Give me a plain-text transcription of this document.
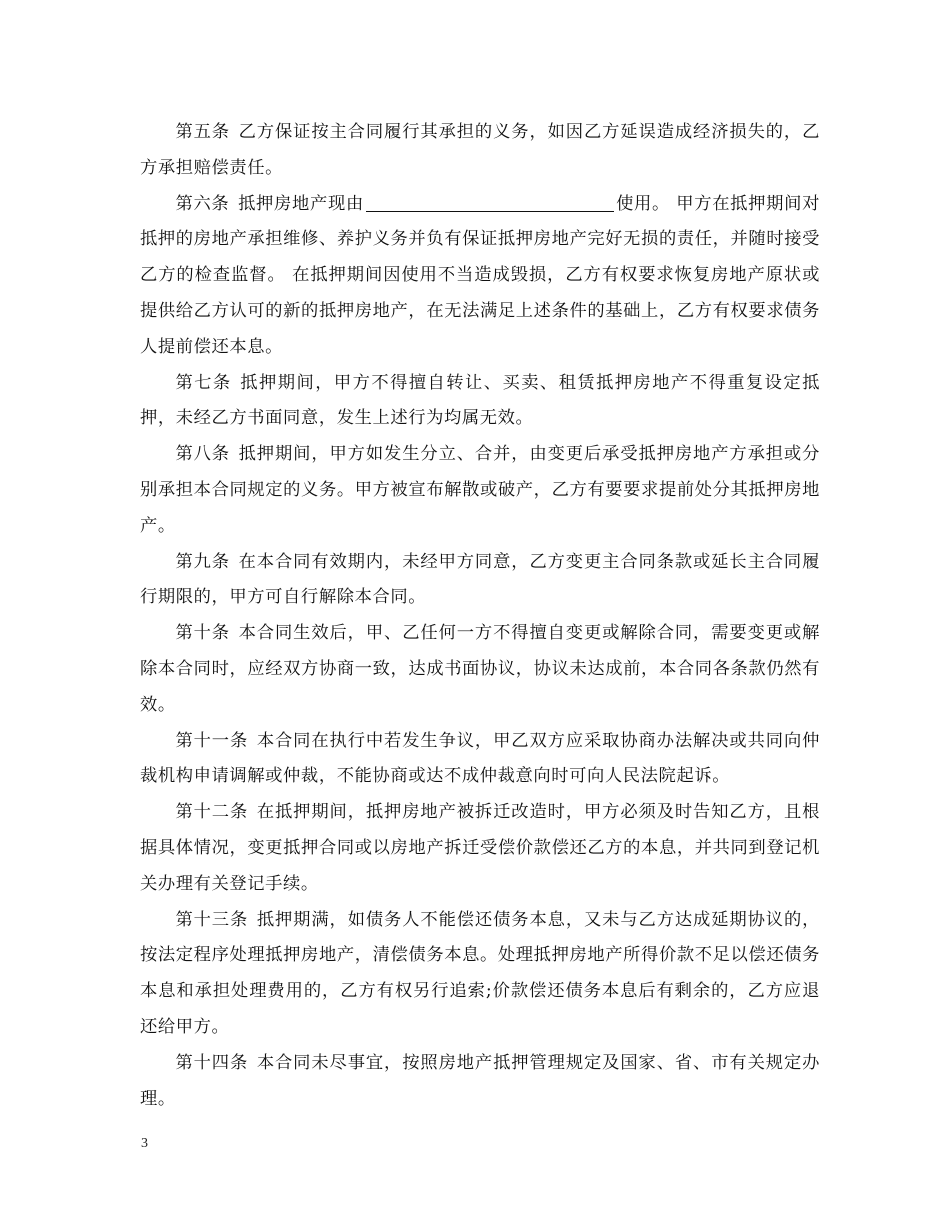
第五条 乙方保证按主合同履行其承担的义务，如因乙方延误造成经济损失的，乙方承担赔偿责任。

第六条 抵押房地产现由	使用。 甲方在抵押期间对抵押的房地产承担维修、养护义务并负有保证抵押房地产完好无损的责任，并随时接受乙方的检查监督。 在抵押期间因使用不当造成毁损，乙方有权要求恢复房地产原状或提供给乙方认可的新的抵押房地产，在无法满足上述条件的基础上，乙方有权要求债务人提前偿还本息。

第七条 抵押期间，甲方不得擅自转让、买卖、租赁抵押房地产不得重复设定抵押，未经乙方书面同意，发生上述行为均属无效。

第八条 抵押期间，甲方如发生分立、合并，由变更后承受抵押房地产方承担或分别承担本合同规定的义务。甲方被宣布解散或破产，乙方有要要求提前处分其抵押房地产。

第九条 在本合同有效期内，未经甲方同意，乙方变更主合同条款或延长主合同履行期限的，甲方可自行解除本合同。

第十条 本合同生效后，甲、乙任何一方不得擅自变更或解除合同，需要变更或解除本合同时，应经双方协商一致，达成书面协议，协议未达成前，本合同各条款仍然有效。

第十一条 本合同在执行中若发生争议，甲乙双方应采取协商办法解决或共同向仲裁机构申请调解或仲裁，不能协商或达不成仲裁意向时可向人民法院起诉。

第十二条 在抵押期间，抵押房地产被拆迁改造时，甲方必须及时告知乙方，且根据具体情况，变更抵押合同或以房地产拆迁受偿价款偿还乙方的本息，并共同到登记机关办理有关登记手续。

第十三条 抵押期满，如债务人不能偿还债务本息，又未与乙方达成延期协议的，按法定程序处理抵押房地产，清偿债务本息。处理抵押房地产所得价款不足以偿还债务本息和承担处理费用的，乙方有权另行追索;价款偿还债务本息后有剩余的，乙方应退还给甲方。

第十四条 本合同未尽事宜，按照房地产抵押管理规定及国家、省、市有关规定办理。

3
